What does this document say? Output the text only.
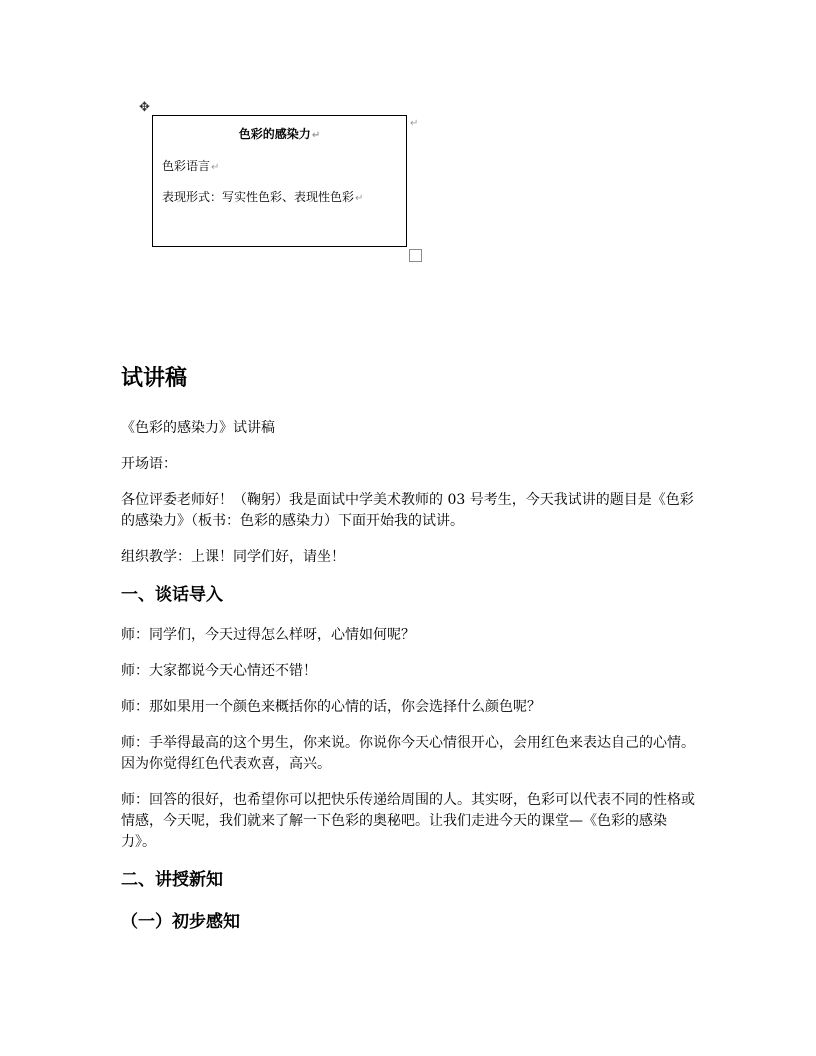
✥
色彩的感染力↵
色彩语言↵
表现形式：写实性色彩、表现性色彩↵
↵
试讲稿

《色彩的感染力》试讲稿

开场语：

各位评委老师好！（鞠躬）我是面试中学美术教师的 03 号考生，今天我试讲的题目是《色彩的感染力》（板书：色彩的感染力）下面开始我的试讲。

组织教学：上课！同学们好，请坐！

一、谈话导入

师：同学们，今天过得怎么样呀，心情如何呢？

师：大家都说今天心情还不错！

师：那如果用一个颜色来概括你的心情的话，你会选择什么颜色呢？

师：手举得最高的这个男生，你来说。你说你今天心情很开心，会用红色来表达自己的心情。因为你觉得红色代表欢喜，高兴。

师：回答的很好，也希望你可以把快乐传递给周围的人。其实呀，色彩可以代表不同的性格或情感，今天呢，我们就来了解一下色彩的奥秘吧。让我们走进今天的课堂—《色彩的感染力》。

二、讲授新知
（一）初步感知
